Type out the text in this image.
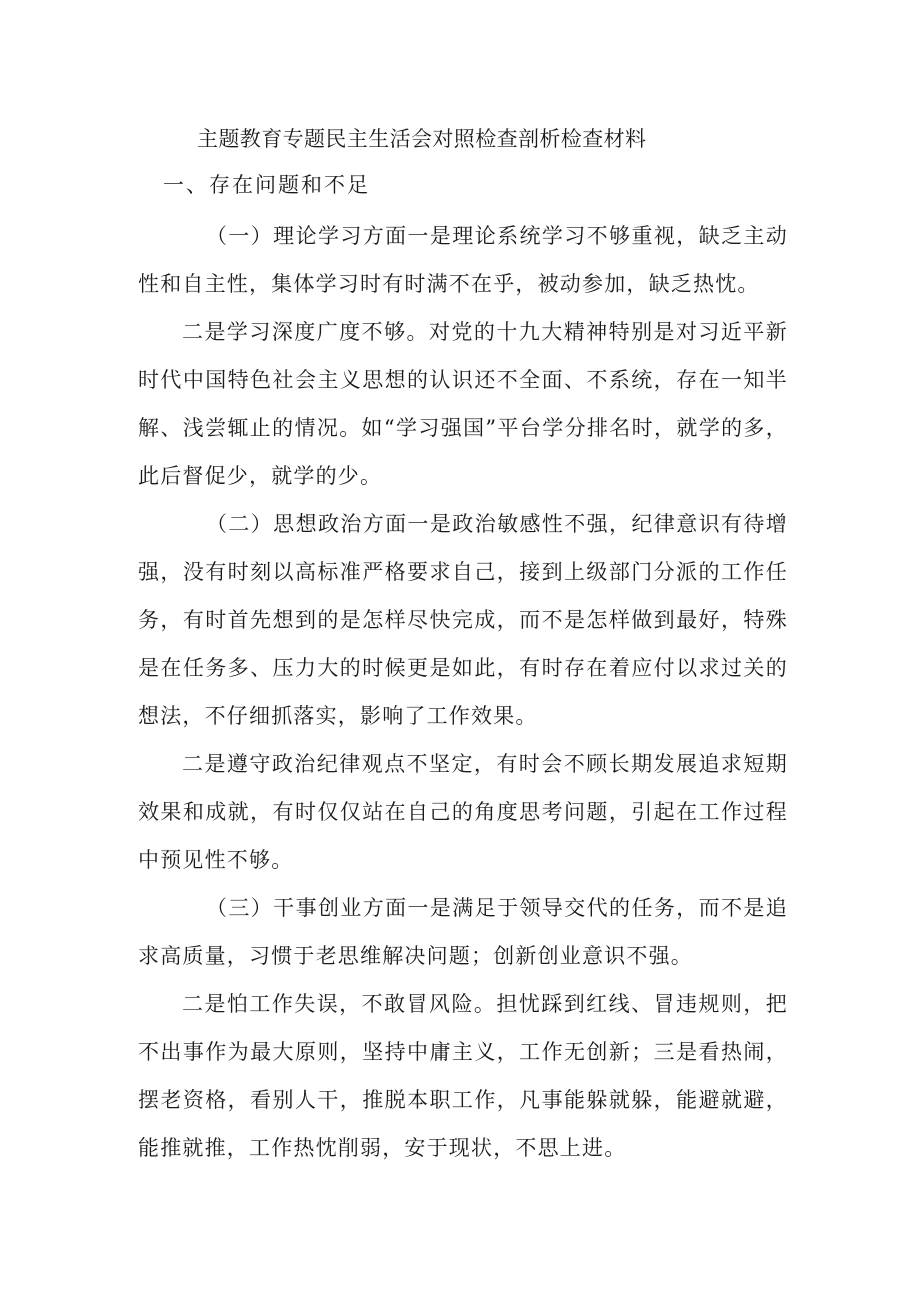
主题教育专题民主生活会对照检查剖析检查材料
一、存在问题和不足

（一）理论学习方面一是理论系统学习不够重视，缺乏主动性和自主性，集体学习时有时满不在乎，被动参加，缺乏热忱。

二是学习深度广度不够。对党的十九大精神特别是对习近平新时代中国特色社会主义思想的认识还不全面、不系统，存在一知半解、浅尝辄止的情况。如“学习强国”平台学分排名时，就学的多，此后督促少，就学的少。

（二）思想政治方面一是政治敏感性不强，纪律意识有待增强，没有时刻以高标准严格要求自己，接到上级部门分派的工作任务，有时首先想到的是怎样尽快完成，而不是怎样做到最好，特殊是在任务多、压力大的时候更是如此，有时存在着应付以求过关的想法，不仔细抓落实，影响了工作效果。

二是遵守政治纪律观点不坚定，有时会不顾长期发展追求短期效果和成就，有时仅仅站在自己的角度思考问题，引起在工作过程中预见性不够。

（三）干事创业方面一是满足于领导交代的任务，而不是追求高质量，习惯于老思维解决问题；创新创业意识不强。

二是怕工作失误，不敢冒风险。担忧踩到红线、冒违规则，把不出事作为最大原则，坚持中庸主义，工作无创新；三是看热闹，摆老资格，看别人干，推脱本职工作，凡事能躲就躲，能避就避，能推就推，工作热忱削弱，安于现状，不思上进。
